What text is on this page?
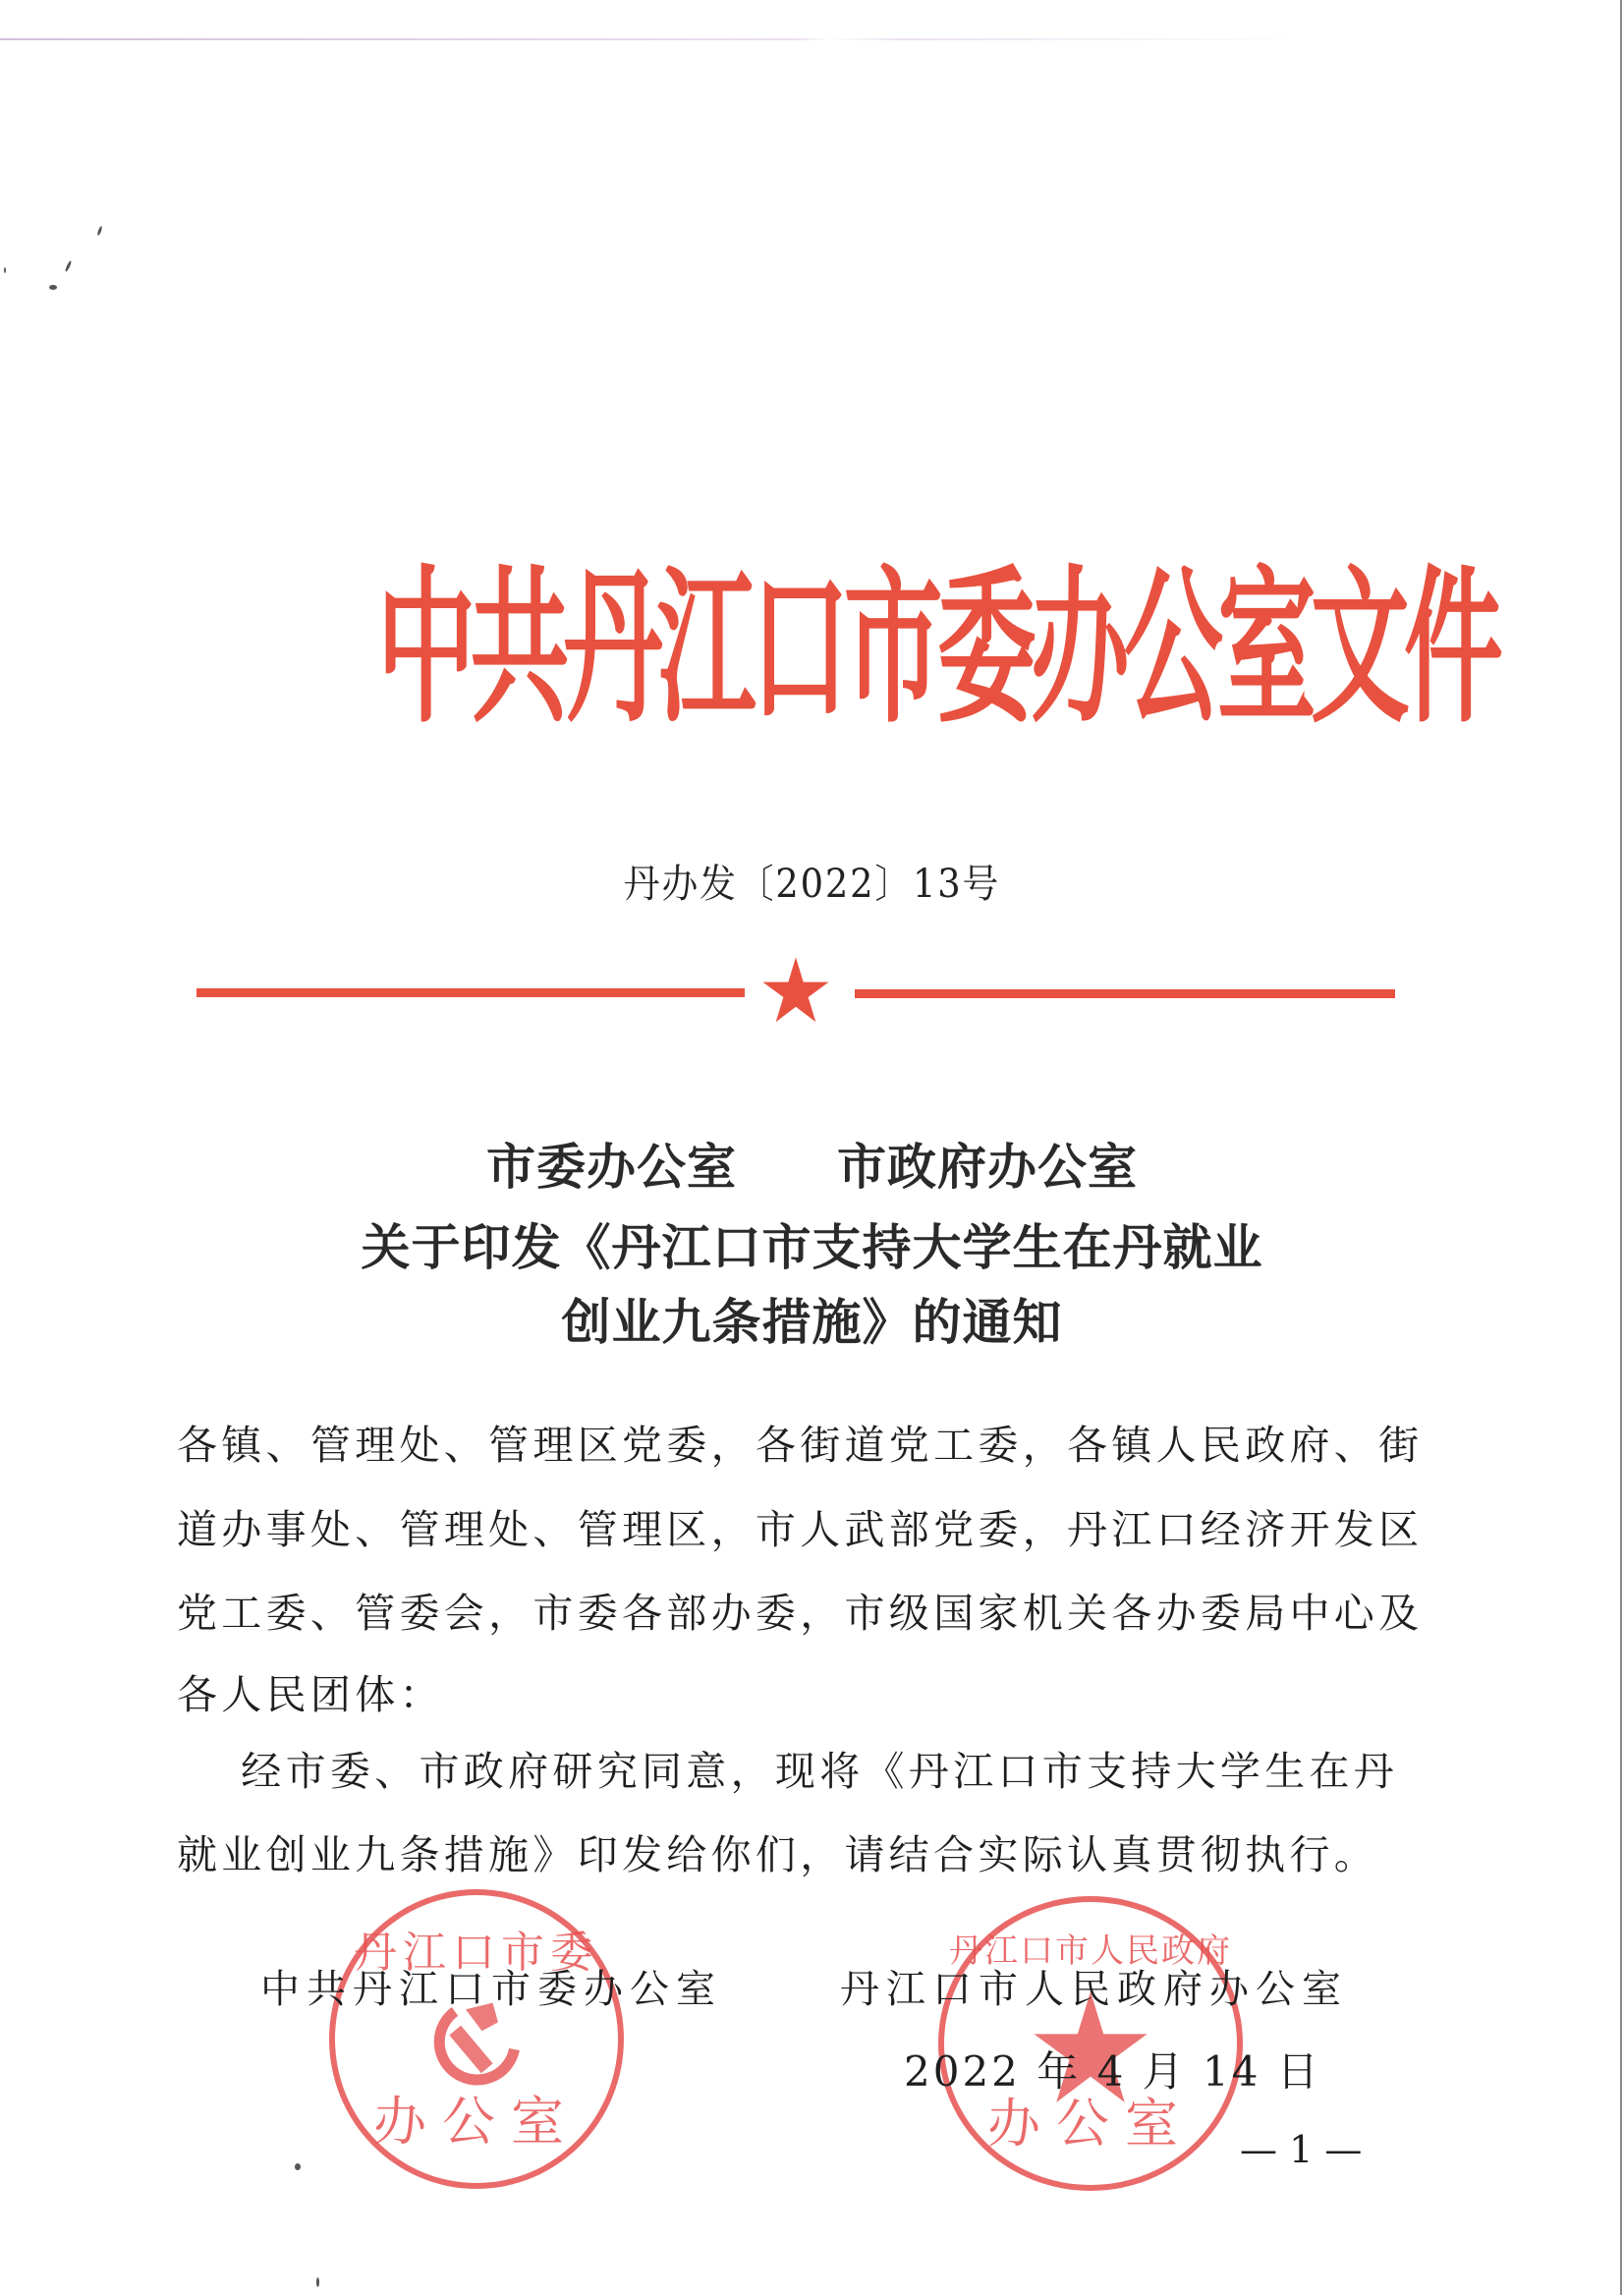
中共丹江口市委办公室文件
丹办发〔2022〕13号
市委办公室　　市政府办公室
关于印发《丹江口市支持大学生在丹就业
创业九条措施》的通知
各镇、管理处、管理区党委，各街道党工委，各镇人民政府、街
道办事处、管理处、管理区，市人武部党委，丹江口经济开发区
党工委、管委会，市委各部办委，市级国家机关各办委局中心及
各人民团体：
　经市委、市政府研究同意，现将《丹江口市支持大学生在丹
就业创业九条措施》印发给你们，请结合实际认真贯彻执行。
丹江口市委
办公室
丹江口市人民政府
办公室
中共丹江口市委办公室	丹江口市人民政府办公室
2022 年 4 月 14 日
— 1 —
